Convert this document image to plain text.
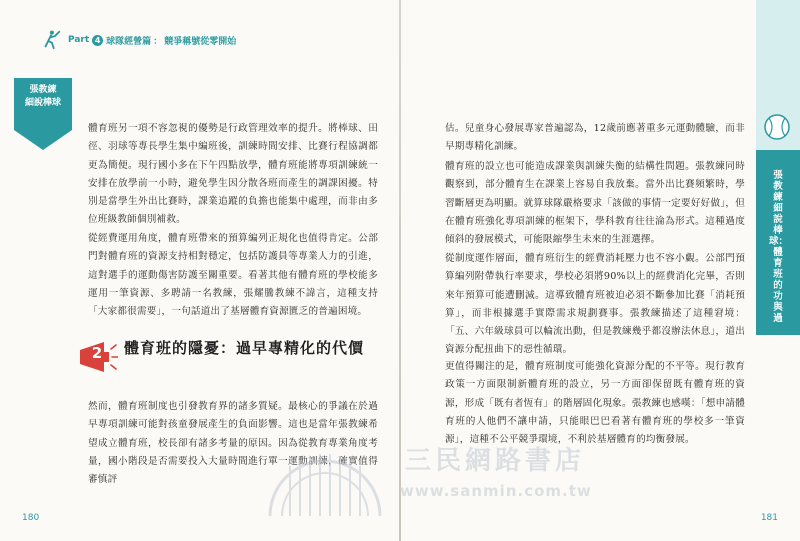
Part 4 球隊經營篇 ： 競爭稱號從零開始
張教練
細說棒球
體育班另一項不容忽視的優勢是行政管理效率的提升。將棒球、田徑、羽球等專長學生集中編班後，訓練時間安排、比賽行程協調都更為簡便。現行國小多在下午四點放學，體育班能將專項訓練統一安排在放學前一小時，避免學生因分散各班而產生的調課困擾。特別是當學生外出比賽時，課業追蹤的負擔也能集中處理，而非由多位班級教師個別補救。
從經費運用角度，體育班帶來的預算編列正規化也值得肯定。公部門對體育班的資源支持相對穩定，包括防護員等專業人力的引進，這對選手的運動傷害防護至關重要。看著其他有體育班的學校能多運用一筆資源、多聘請一名教練，張耀騰教練不諱言，這種支持「大家都很需要」，一句話道出了基層體育資源匱乏的普遍困境。
2	體育班的隱憂：過早專精化的代價
然而，體育班制度也引發教育界的諸多質疑。最核心的爭議在於過早專項訓練可能對孩童發展產生的負面影響。這也是當年張教練希望成立體育班，校長卻有諸多考量的原因。因為從教育專業角度考量，國小階段是否需要投入大量時間進行單一運動訓練，確實值得審慎評
180
估。兒童身心發展專家普遍認為，12歲前應著重多元運動體驗，而非早期專精化訓練。
體育班的設立也可能造成課業與訓練失衡的結構性問題。張教練同時觀察到，部分體育生在課業上容易自我放棄。當外出比賽頻繁時，學習斷層更為明顯。就算球隊嚴格要求「該做的事情一定要好好做」，但在體育班強化專項訓練的框架下，學科教育往往淪為形式。這種過度傾斜的發展模式，可能限縮學生未來的生涯選擇。
從制度運作層面，體育班衍生的經費消耗壓力也不容小覷。公部門預算編列附帶執行率要求，學校必須將90%以上的經費消化完畢，否則來年預算可能遭刪減。這導致體育班被迫必須不斷參加比賽「消耗預算」，而非根據選手實際需求規劃賽事。張教練描述了這種窘境：「五、六年級球員可以輪流出動，但是教練幾乎都沒辦法休息」，道出資源分配扭曲下的惡性循環。
更值得關注的是，體育班制度可能強化資源分配的不平等。現行教育政策一方面限制新體育班的設立，另一方面卻保留既有體育班的資源，形成「既有者恆有」的階層固化現象。張教練也感嘆：「想申請體育班的人他們不讓申請，只能眼巴巴看著有體育班的學校多一筆資源」，這種不公平競爭環境，不利於基層體育的均衡發展。
張教練細說棒球：體育班的功與過
181
三民網路書店
www.sanmin.com.tw
